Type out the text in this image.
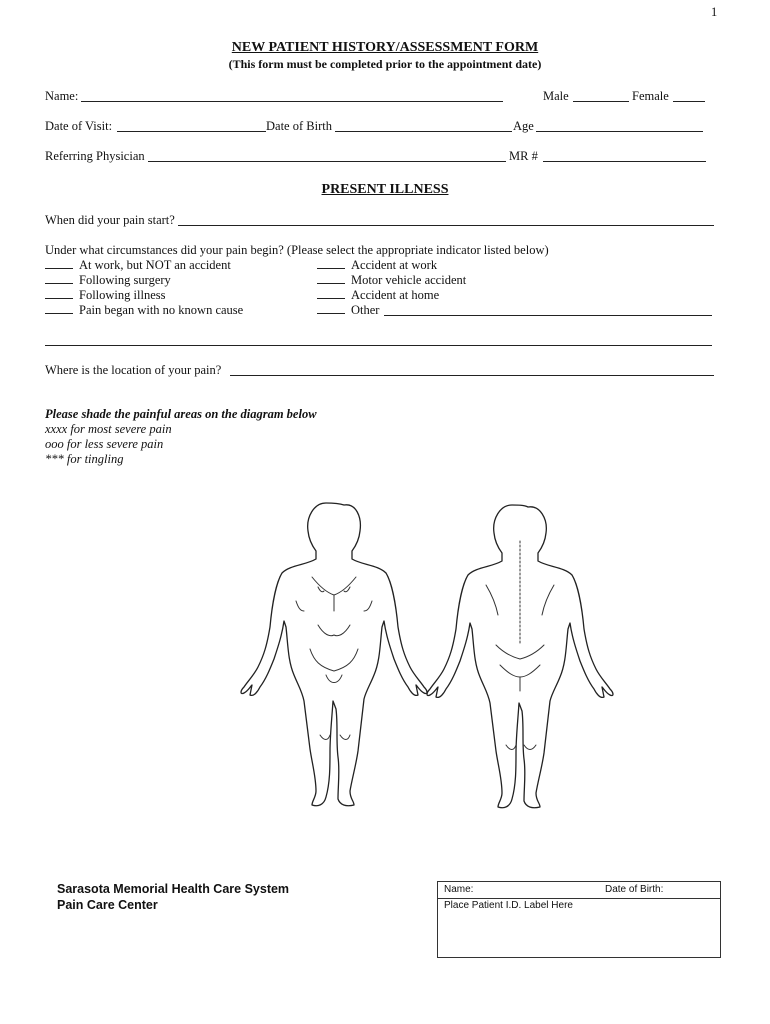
1
NEW PATIENT HISTORY/ASSESSMENT FORM
(This form must be completed prior to the appointment date)
Name:	Male	Female
Date of Visit:	Date of Birth	Age
Referring Physician	MR #
PRESENT ILLNESS
When did your pain start?
Under what circumstances did your pain begin? (Please select the appropriate indicator listed below)
At work, but NOT an accident
Following surgery
Following illness
Pain began with no known cause
Accident at work
Motor vehicle accident
Accident at home
Other
Where is the location of your pain?
Please shade the painful areas on the diagram below
xxxx for most severe pain
ooo for less severe pain
*** for tingling
Sarasota Memorial Health Care System
Pain Care Center
Name:	Date of Birth:
Place Patient I.D. Label Here
